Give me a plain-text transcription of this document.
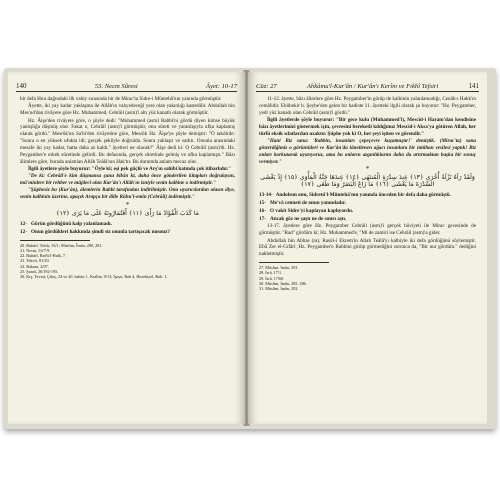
140	53. Necm Sûresi	Âyet: 10-17

bir defa Hıra dağındaki ilk vahiy sırasında bir de Mirac'ta Sidre-i Müntehâ'nın yanında görmüştür.

Âyette, iki yay kadar yaklaşma ile Allâh'ın vahyedeceği yere olan yakınlığı kastedilir. Abdullah bin Mes'ud'dan rivâyete göre Hz. Muhammed, Cebrâil (asm)'i altı yüz kanatlı olarak görmüştür.

Hz. Âişe'den rivâyete göre, o şöyle dedi: "Muhammed (asm) Rabbi'ni gördü diyen kimse büyük yanlışlığa düşmüş olur. Fakat o, Cebrâil (asm)'i görmüştür, onu sûreti ve yaratılışıyla ufku kaplamış olarak gördü." Mesrûk'un Sa'bi'den rivâyetine göre, Mesrûk Hz. Âişe'ye şöyle demiştir: "O takdirde: "Sonra o en yüksek ufukta idi; gerçek şekliyle doğrulda. Sonra yaklaştı ve sarktı. Onunla arasındaki mesafe iki yay kadar, hatta daha az kaldı." âyetleri ne olacak?" Âişe dedi ki: O Cebrâil (asm)'di. Hz. Peygamber'e erkek sûretinde gelirdi. Bu defasında, gerçek sûretinde gelmiş ve ufku kaplamıştı." Bâzı âlimlere göre, burada anlatılan Allâh Teâlâ'nın Hak'tır. Bu durumda anlam mecaz olur.

İlgili âyetlere şöyle buyurur: "Öyle ki; eşi pek güçlü ve Arş'ın sahibi katında çok itibarlıdır."

"De ki: Cebrâil'e kim düşmansa şunu bilsin ki, daha önce gönderilen kitapları doğrulayan, mü'minlere bir rehber ve müjdeci olan Kur'ân'ı Allâh'ın izniyle senin kalbine o indirmiştir."

"Şüphesiz bu (Kur'ân), âlemlerin Rabbi tarafından indirilmiştir. Onu uyarıcılardan olasın diye, senin kalbinin üzerine, apaçık Arapça bir dille Rûhu'l-emîn (Cebrâil) indirmiştir."

*
مَا كَذَبَ الْفُؤَادُ مَا رَأَى ﴿١١﴾ أَفَتُمَارُونَهُ عَلَى مَا يَرَى ﴿١٢﴾
12- Görün gördüğünü kalp yalanlamadı.
12- Onun gördükleri hakkında şimdi siz onunla tartışacak mısınız?

20. Buhârî, Tefsîr, 53/1; Müslim, Îmân, 280, 281.

21. Necm, 53/7-9.

22. Buhârî, Bed'ü'l-Halk, 7.

23. Tekvîr, 81/20.

24. Bakara, 2/97.

25. Şuarâ, 26/192-195.

26. Krş. Tevrat, Çıkış, 24 ve 26. babla; 1. Krallar, 9/13; İşaya, Bab 4, Hezekiyel, Bab. 1.

Cüz: 27	Ahkâmu'l-Kur'ân / Kur'ân'ı Kerîm ve Fıkhî Tefsiri	141

11-12. âyette, bâzı âlimlere göre Hz. Peygamber'in görüp de kalbinin yalanlamadığı, Cenâb-ı Hakk'ın cemâlidir. Ebûbekir b. Şeybe'den gelen bir hadiste 11. âyetteki ilgili olarak şu buyurur: "Hz. Peygamber, yedi yüz kanadı olan Cebrâil (asm)'i gördü."

İlgili âyetlerde şöyle buyurur: "Bir gece kulu (Muhammed'i), Mescid-i Haram'dan kendisine bâzı âyetlerimizi göstermek için, çevresini bereketli kıldığımız Mescid-i Aksa'ya götüren Allah, her türlü eksik sıfatlardan uzaktır. Şüphe yok ki O, her şeyi işiten ve görendir."

"Hani Biz sana: 'Rabbin, insanları çepeçevre kuşatmıştır!' demiştik. (Mirac'ta) sana gösterdiğimiz o görüntüleri ve Kur'ân'da lânetlenen ağacı insanlara bir imtihan vesilesi yaptık! Biz onları korkutarak uyarıyoruz, ama bu onların azgınlıklarını daha da artırmaktan başka bir sonuç vermiyor."

*
وَلَقَدْ رَآهُ نَزْلَةً أُخْرَى ﴿١٣﴾ عِندَ سِدْرَةِ الْمُنتَهَى ﴿١٤﴾ عِندَهَا جَنَّةُ الْمَأْوَى ﴿١٥﴾ إِذْ يَغْشَى السِّدْرَةَ مَا يَغْشَى ﴿١٦﴾ مَا زَاغَ الْبَصَرُ وَمَا طَغَى ﴿١٧﴾
13-14- Andolsun onu, Sidretü'l-Müntehâ'nın yanında önceden bir defa daha görmüştü.
15- Me'vâ cenneti de onun yanındadır.
16- O vakit Sidre'yi kaplayan kaplıyordu.
17- Ancak göz ne şaştı ne de sınırı aştı.

13-17. âyetlere göre Hz. Peygamber Cebrâil (asm)'i gerçek hüviyeti ile Mirac gecesinde de görmüştür. "Rad" gördüm ki; Hz. Muhammed'e, "Mi de zamiri ise Cebrâil (asm)'a gider.

Abdullah bin Abbas (ra), Rasûl-i Ekrem'in Allah Teâlâ'yı kalbiyle iki defa gördüğünü söylemiştir. Ebû Zer el-Gıfârî, Hz. Peygamber'e Rabbini görüp görmediğini sorunca da, "Bir nur gördüm." dediğini nakletmiştir.

27. Müslim, İmân, 291.

28. İsrâ, 17/1.

29. İsrâ, 17/60.

30. Müslim, İmân, 285, 286.

31. Müslim, İmân, 292.
